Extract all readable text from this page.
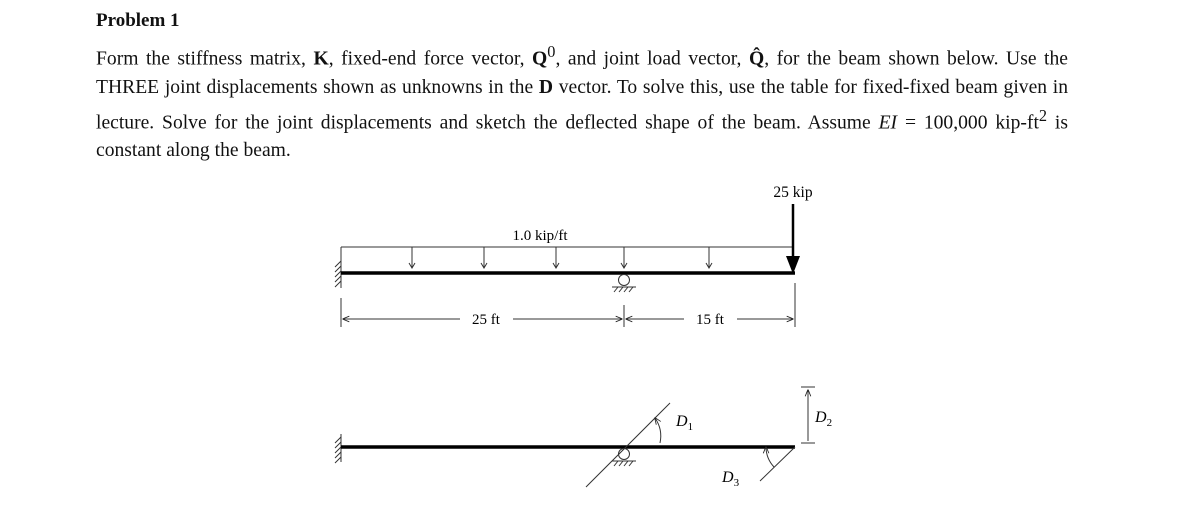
Problem 1

Form the stiffness matrix, K, fixed-end force vector, $Q^0$, and joint load vector, Q̂, for the beam shown below. Use the THREE joint displacements shown as unknowns in the D vector. To solve this, use the table for fixed-fixed beam given in lecture. Solve for the joint displacements and sketch the deflected shape of the beam. Assume EI = 100,000 kip-$ft^2$ is constant along the beam.

1.0 kip/ft
25 kip
25 ft	15 ft
$D_1$
$D_3$
$D_2$
